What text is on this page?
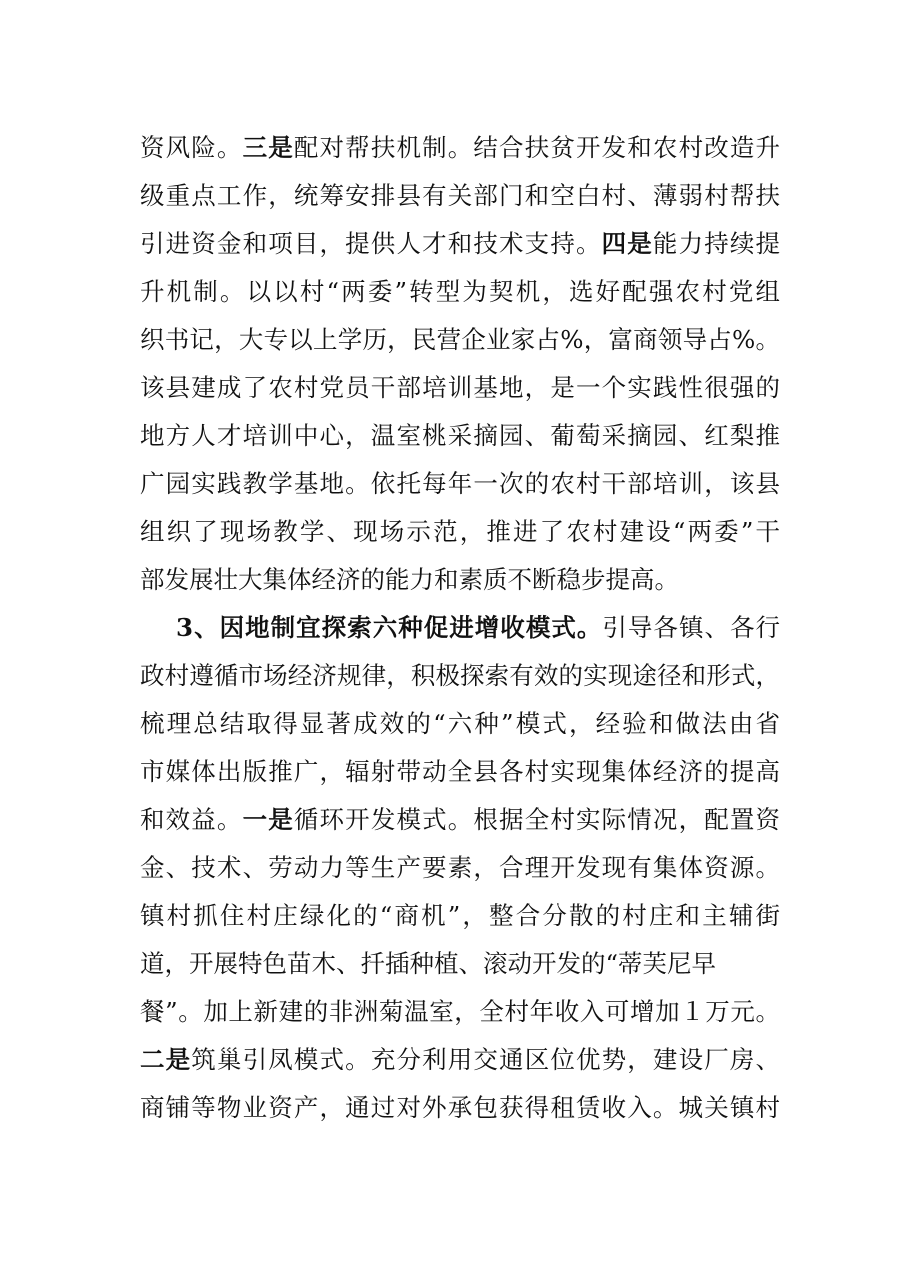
资风险。三是配对帮扶机制。结合扶贫开发和农村改造升
级重点工作，统筹安排县有关部门和空白村、薄弱村帮扶
引进资金和项目，提供人才和技术支持。四是能力持续提
升机制。以以村“两委”转型为契机，选好配强农村党组
织书记，大专以上学历，民营企业家占%，富商领导占%。
该县建成了农村党员干部培训基地，是一个实践性很强的
地方人才培训中心，温室桃采摘园、葡萄采摘园、红梨推
广园实践教学基地。依托每年一次的农村干部培训，该县
组织了现场教学、现场示范，推进了农村建设“两委”干
部发展壮大集体经济的能力和素质不断稳步提高。
3、因地制宜探索六种促进增收模式。引导各镇、各行
政村遵循市场经济规律，积极探索有效的实现途径和形式，
梳理总结取得显著成效的“六种”模式，经验和做法由省
市媒体出版推广，辐射带动全县各村实现集体经济的提高
和效益。一是循环开发模式。根据全村实际情况，配置资
金、技术、劳动力等生产要素，合理开发现有集体资源。
镇村抓住村庄绿化的“商机”，整合分散的村庄和主辅街
道，开展特色苗木、扦插种植、滚动开发的“蒂芙尼早
餐”。加上新建的非洲菊温室，全村年收入可增加１万元。
二是筑巢引凤模式。充分利用交通区位优势，建设厂房、
商铺等物业资产，通过对外承包获得租赁收入。城关镇村
